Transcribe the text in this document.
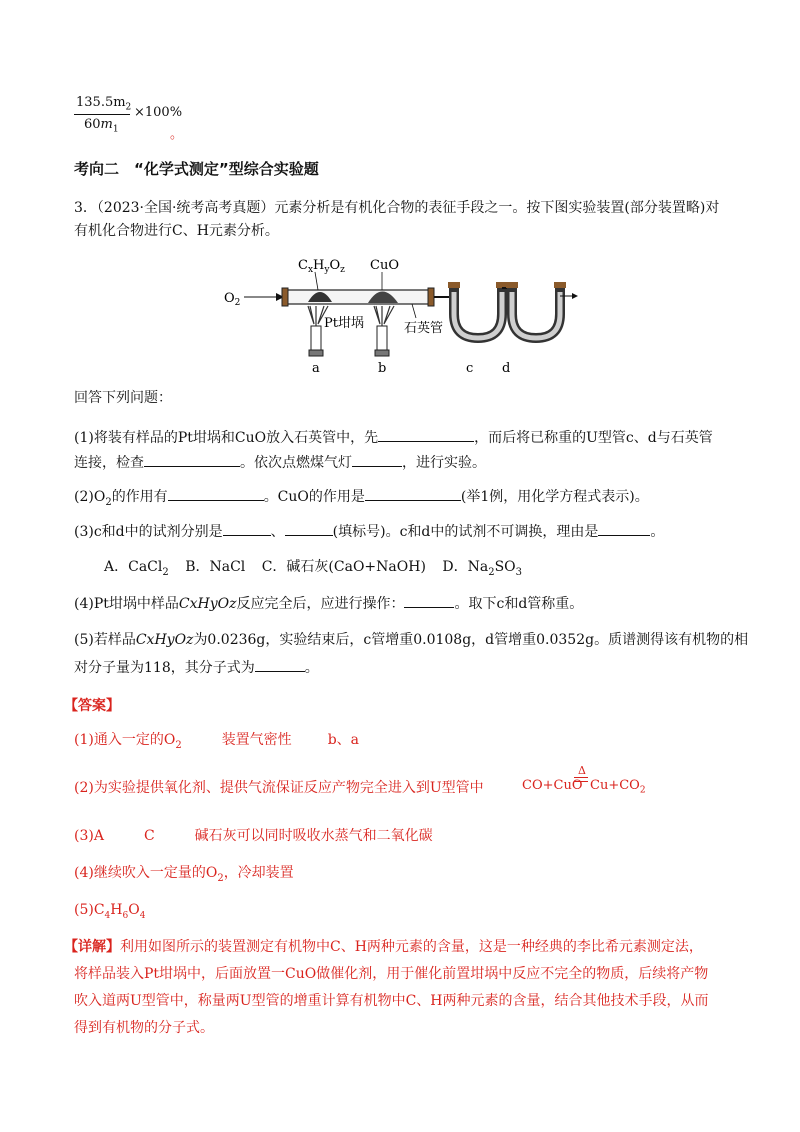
$135.5m_2$
$60m_1$
×100%
。
考向二　“化学式测定”型综合实验题
3．（2023·全国·统考高考真题）元素分析是有机化合物的表征手段之一。按下图实验装置(部分装置略)对
有机化合物进行C、H元素分析。
$C_xH_yO_z$ CuO
$O_2$
Pt坩埚	石英管
a	b	c d
回答下列问题：
(1)将装有样品的Pt坩埚和CuO放入石英管中，先	，而后将已称重的U型管c、d与石英管
连接，检查	。依次点燃煤气灯	，进行实验。
$(2)O_2$的作用有	。CuO的作用是	(举1例，用化学方程式表示)。
(3)c和d中的试剂分别是	、	(填标号)。c和d中的试剂不可调换，理由是	。
A．CaCl$_2$ B．NaCl C．碱石灰(CaO+NaOH) D．$Na_2SO_3$
(4)Pt坩埚中样品CxHyOz反应完全后，应进行操作：	。取下c和d管称重。
(5)若样品CxHyOz为0.0236g，实验结束后，c管增重0.0108g，d管增重0.0352g。质谱测得该有机物的相
对分子量为118，其分子式为	。
【答案】
(1)通入一定的$O_2$	装置气密性	b、a
(2)为实验提供氧化剂、提供气流保证反应产物完全进入到U型管中
Δ
CO+CuO $Cu+CO_2$
(3)A	C	碱石灰可以同时吸收水蒸气和二氧化碳
(4)继续吹入一定量的$O_2$，冷却装置
$(5)C_4H_6O_4$
【详解】利用如图所示的装置测定有机物中C、H两种元素的含量，这是一种经典的李比希元素测定法，
将样品装入Pt坩埚中，后面放置一CuO做催化剂，用于催化前置坩埚中反应不完全的物质，后续将产物
吹入道两U型管中，称量两U型管的增重计算有机物中C、H两种元素的含量，结合其他技术手段，从而
得到有机物的分子式。
